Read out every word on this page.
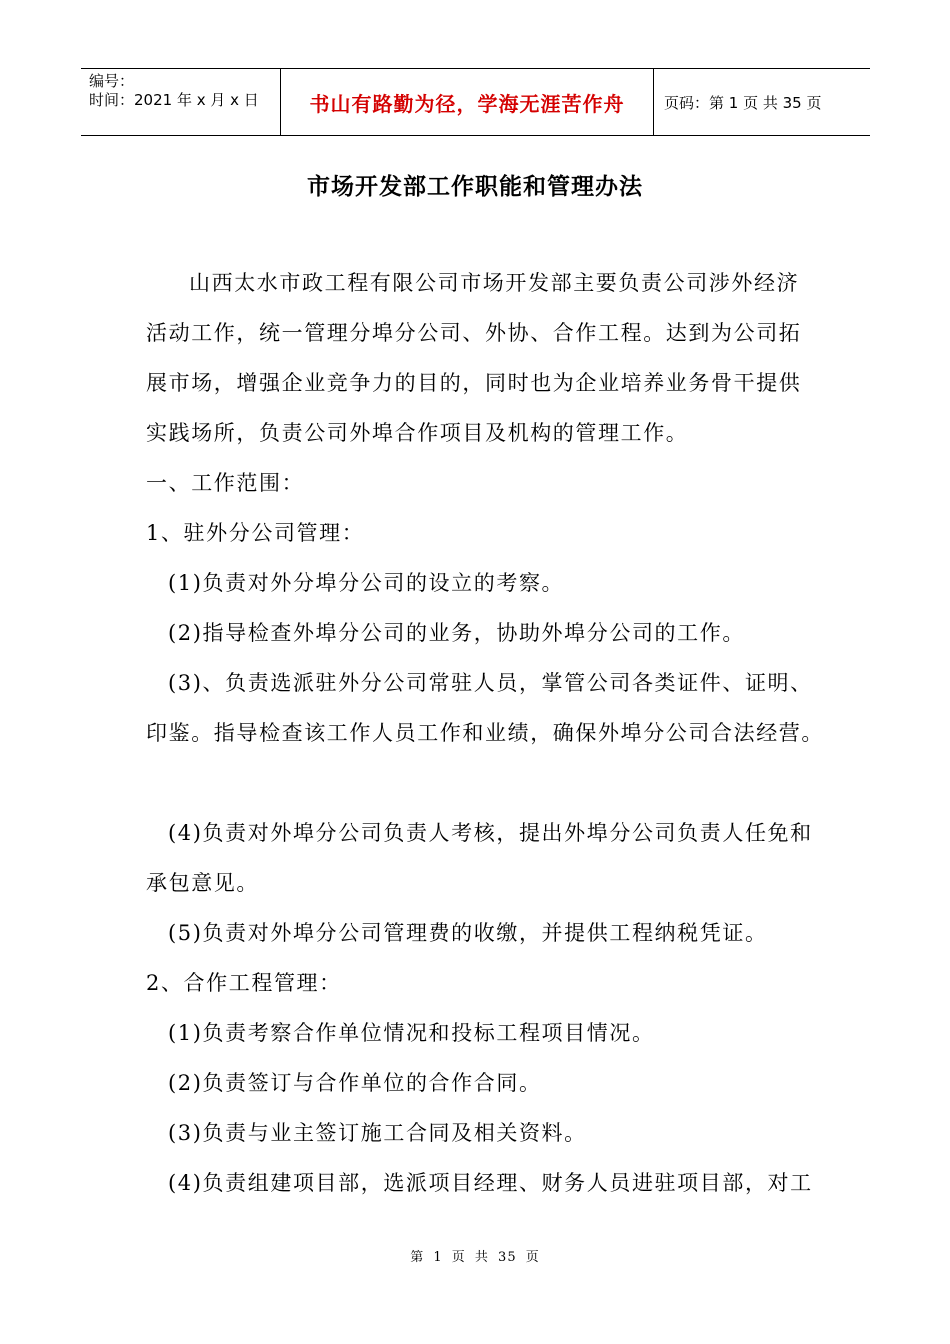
编号：
时间：2021 年 x 月 x 日	书山有路勤为径，学海无涯苦作舟	页码：第 1 页 共 35 页
市场开发部工作职能和管理办法
山西太水市政工程有限公司市场开发部主要负责公司涉外经济
活动工作，统一管理分埠分公司、外协、合作工程。达到为公司拓
展市场，增强企业竞争力的目的，同时也为企业培养业务骨干提供
实践场所，负责公司外埠合作项目及机构的管理工作。
一、工作范围：
1、驻外分公司管理：
(1)负责对外分埠分公司的设立的考察。
(2)指导检查外埠分公司的业务，协助外埠分公司的工作。
(3)、负责选派驻外分公司常驻人员，掌管公司各类证件、证明、
印鉴。指导检查该工作人员工作和业绩，确保外埠分公司合法经营。
(4)负责对外埠分公司负责人考核，提出外埠分公司负责人任免和
承包意见。
(5)负责对外埠分公司管理费的收缴，并提供工程纳税凭证。
2、合作工程管理：
(1)负责考察合作单位情况和投标工程项目情况。
(2)负责签订与合作单位的合作合同。
(3)负责与业主签订施工合同及相关资料。
(4)负责组建项目部，选派项目经理、财务人员进驻项目部，对工
第 1 页 共 35 页
